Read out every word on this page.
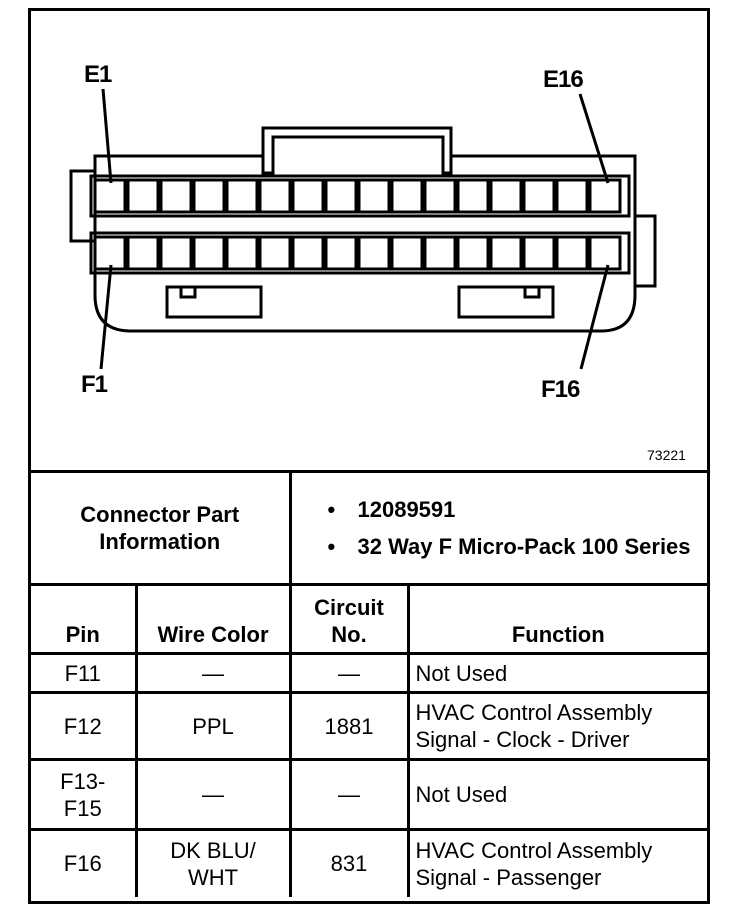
E1	E16
F1	F16
73221
Connector Part Information		• 12089591
• 32 Way F Micro-Pack 100 Series

Pin	Wire Color	Circuit No.	Function
F11	—	—	Not Used
F12	PPL	1881	HVAC Control Assembly Signal - Clock - Driver
F13-F15	—	—	Not Used
F16	DK BLU/ WHT	831	HVAC Control Assembly Signal - Passenger
